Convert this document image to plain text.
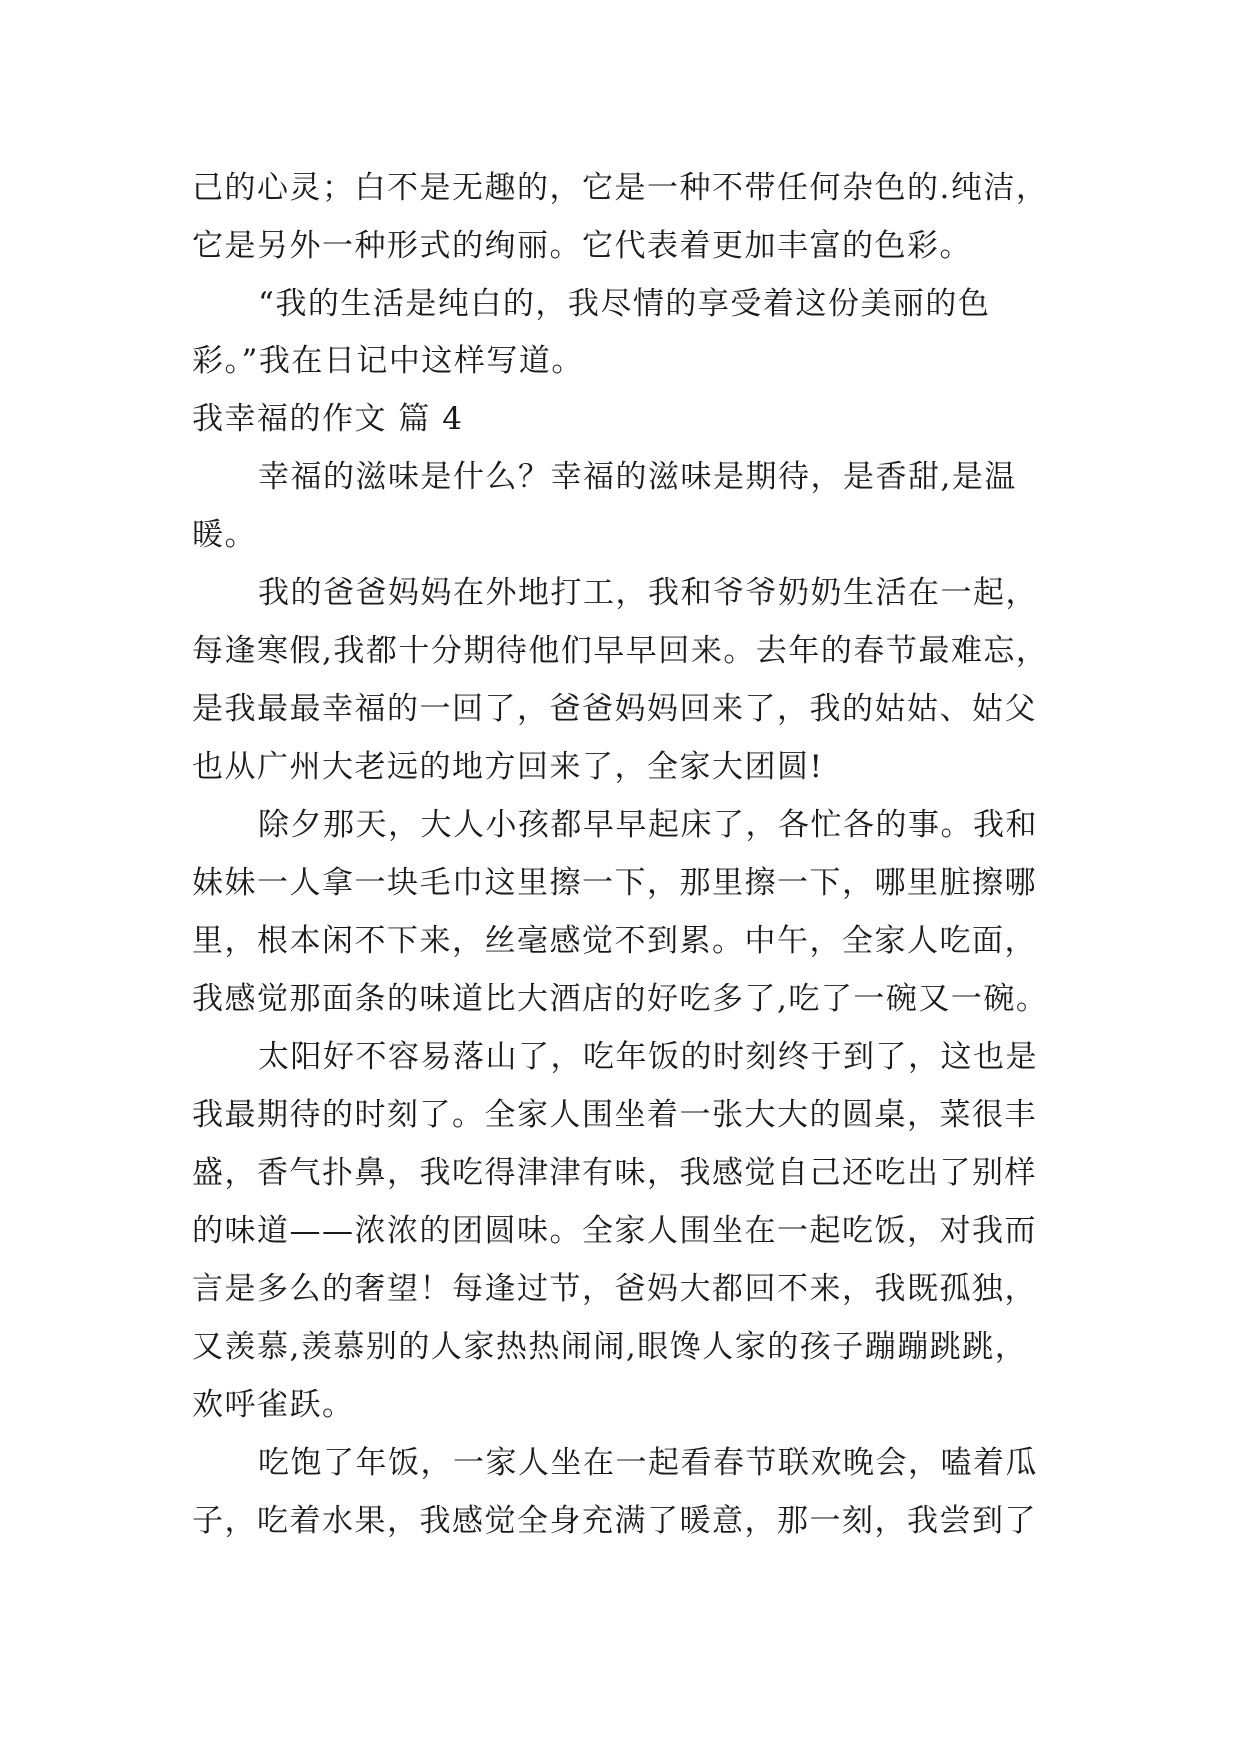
己的心灵；白不是无趣的，它是一种不带任何杂色的.纯洁，
它是另外一种形式的绚丽。它代表着更加丰富的色彩。
“我的生活是纯白的，我尽情的享受着这份美丽的色
彩。”我在日记中这样写道。
我幸福的作文 篇 4
幸福的滋味是什么？幸福的滋味是期待，是香甜,是温
暖。
我的爸爸妈妈在外地打工，我和爷爷奶奶生活在一起，
每逢寒假,我都十分期待他们早早回来。去年的春节最难忘，
是我最最幸福的一回了，爸爸妈妈回来了，我的姑姑、姑父
也从广州大老远的地方回来了，全家大团圆!
除夕那天，大人小孩都早早起床了，各忙各的事。我和
妹妹一人拿一块毛巾这里擦一下，那里擦一下，哪里脏擦哪
里，根本闲不下来，丝毫感觉不到累。中午，全家人吃面，
我感觉那面条的味道比大酒店的好吃多了,吃了一碗又一碗。
太阳好不容易落山了，吃年饭的时刻终于到了，这也是
我最期待的时刻了。全家人围坐着一张大大的圆桌，菜很丰
盛，香气扑鼻，我吃得津津有味，我感觉自己还吃出了别样
的味道——浓浓的团圆味。全家人围坐在一起吃饭，对我而
言是多么的奢望！每逢过节，爸妈大都回不来，我既孤独，
又羡慕,羡慕别的人家热热闹闹,眼馋人家的孩子蹦蹦跳跳，
欢呼雀跃。
吃饱了年饭，一家人坐在一起看春节联欢晚会，嗑着瓜
子，吃着水果，我感觉全身充满了暖意，那一刻，我尝到了
